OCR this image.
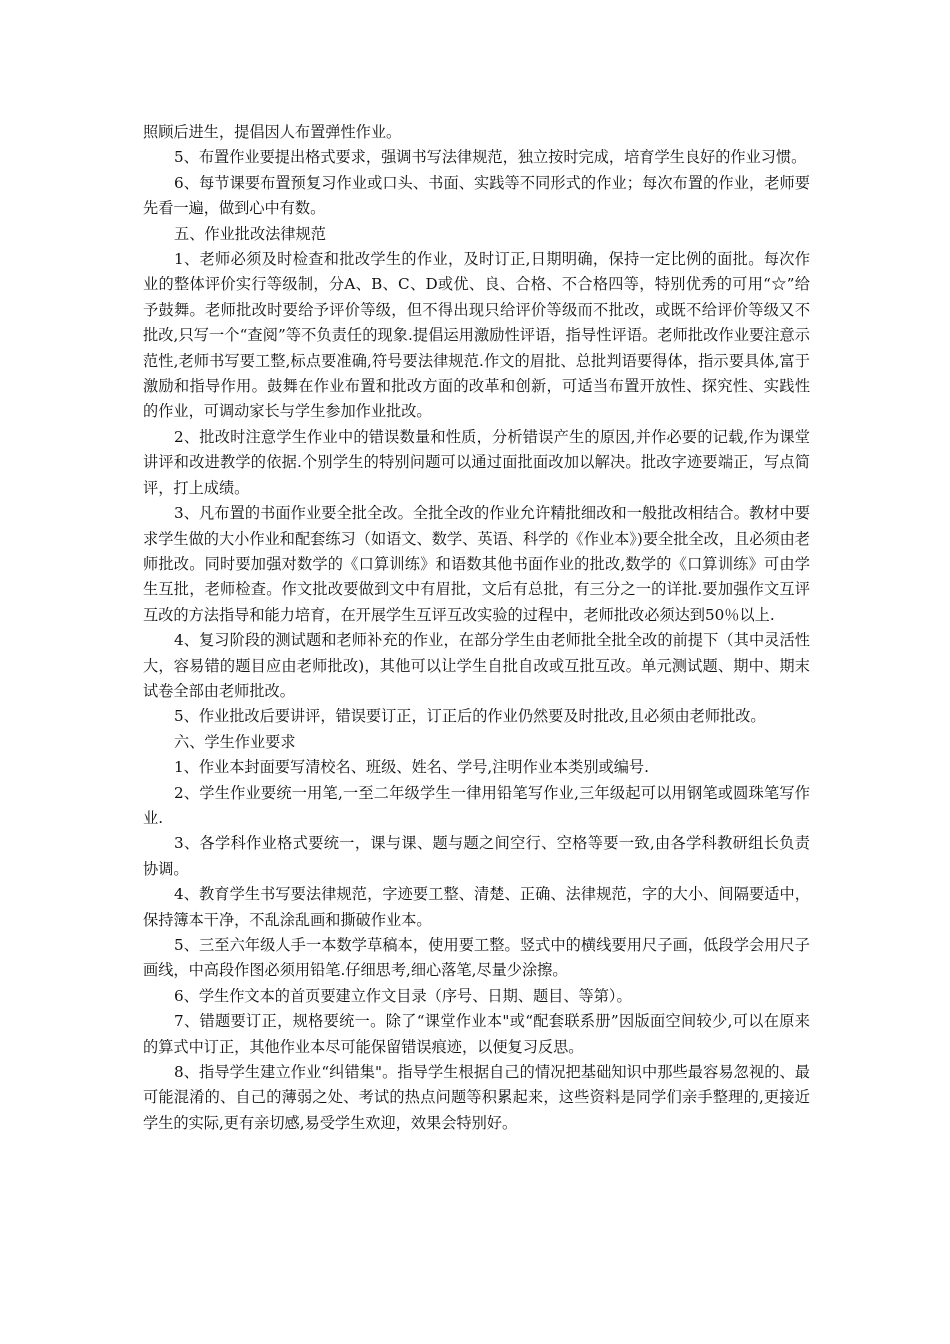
照顾后进生，提倡因人布置弹性作业。

5、布置作业要提出格式要求，强调书写法律规范，独立按时完成，培育学生良好的作业习惯。

6、每节课要布置预复习作业或口头、书面、实践等不同形式的作业；每次布置的作业，老师要先看一遍，做到心中有数。

五、作业批改法律规范

1、老师必须及时检查和批改学生的作业，及时订正,日期明确，保持一定比例的面批。每次作业的整体评价实行等级制，分A、B、C、D或优、良、合格、不合格四等，特别优秀的可用“☆”给予鼓舞。老师批改时要给予评价等级，但不得出现只给评价等级而不批改，或既不给评价等级又不批改,只写一个“查阅”等不负责任的现象.提倡运用激励性评语，指导性评语。老师批改作业要注意示范性,老师书写要工整,标点要准确,符号要法律规范.作文的眉批、总批判语要得体，指示要具体,富于激励和指导作用。鼓舞在作业布置和批改方面的改革和创新，可适当布置开放性、探究性、实践性的作业，可调动家长与学生参加作业批改。

2、批改时注意学生作业中的错误数量和性质，分析错误产生的原因,并作必要的记载,作为课堂讲评和改进教学的依据.个别学生的特别问题可以通过面批面改加以解决。批改字迹要端正，写点简评，打上成绩。

3、凡布置的书面作业要全批全改。全批全改的作业允许精批细改和一般批改相结合。教材中要求学生做的大小作业和配套练习（如语文、数学、英语、科学的《作业本》)要全批全改，且必须由老师批改。同时要加强对数学的《口算训练》和语数其他书面作业的批改,数学的《口算训练》可由学生互批，老师检查。作文批改要做到文中有眉批，文后有总批，有三分之一的详批.要加强作文互评互改的方法指导和能力培育，在开展学生互评互改实验的过程中，老师批改必须达到50％以上.

4、复习阶段的测试题和老师补充的作业，在部分学生由老师批全批全改的前提下（其中灵活性大，容易错的题目应由老师批改)，其他可以让学生自批自改或互批互改。单元测试题、期中、期末试卷全部由老师批改。

5、作业批改后要讲评，错误要订正，订正后的作业仍然要及时批改,且必须由老师批改。

六、学生作业要求

1、作业本封面要写清校名、班级、姓名、学号,注明作业本类别或编号.

2、学生作业要统一用笔,一至二年级学生一律用铅笔写作业,三年级起可以用钢笔或圆珠笔写作业.

3、各学科作业格式要统一，课与课、题与题之间空行、空格等要一致,由各学科教研组长负责协调。

4、教育学生书写要法律规范，字迹要工整、清楚、正确、法律规范，字的大小、间隔要适中，保持簿本干净，不乱涂乱画和撕破作业本。

5、三至六年级人手一本数学草稿本，使用要工整。竖式中的横线要用尺子画，低段学会用尺子画线，中高段作图必须用铅笔.仔细思考,细心落笔,尽量少涂擦。

6、学生作文本的首页要建立作文目录（序号、日期、题目、等第）。

7、错题要订正，规格要统一。除了“课堂作业本"或“配套联系册”因版面空间较少,可以在原来的算式中订正，其他作业本尽可能保留错误痕迹，以便复习反思。

8、指导学生建立作业“纠错集"。指导学生根据自己的情况把基础知识中那些最容易忽视的、最可能混淆的、自己的薄弱之处、考试的热点问题等积累起来，这些资料是同学们亲手整理的,更接近学生的实际,更有亲切感,易受学生欢迎，效果会特别好。
